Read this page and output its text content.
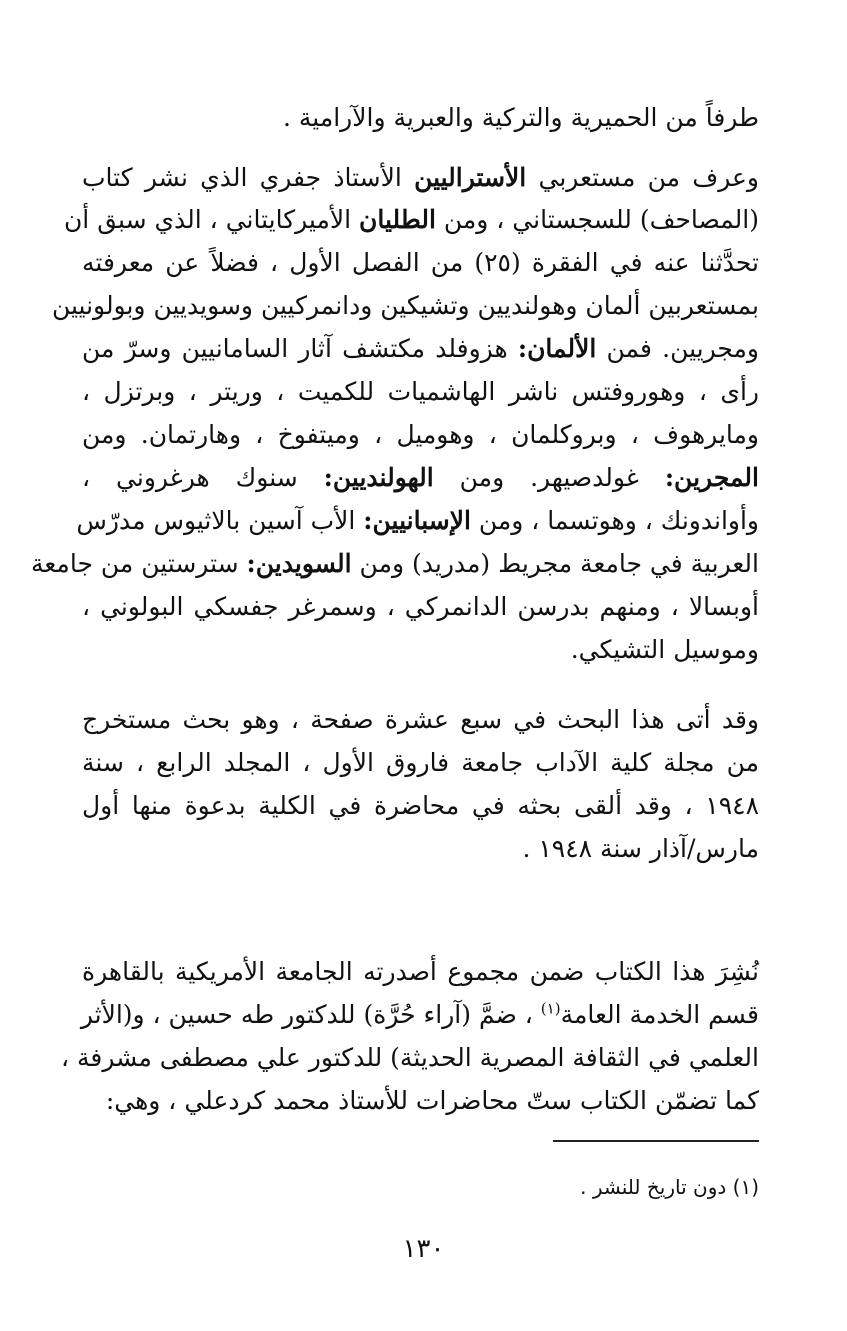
طرفاً من الحميرية والتركية والعبرية والآرامية .
وعرف من مستعربي الأستراليين الأستاذ جفري الذي نشر كتاب
(المصاحف) للسجستاني ، ومن الطليان الأميركايتاني ، الذي سبق أن
تحدَّثنا عنه في الفقرة (٢٥) من الفصل الأول ، فضلاً عن معرفته
بمستعربين ألمان وهولنديين وتشيكين ودانمركيين وسويديين وبولونيين
ومجريين. فمن الألمان: هزوفلد مكتشف آثار السامانيين وسرّ من
رأى ، وهوروفتس ناشر الهاشميات للكميت ، وريتر ، وبرتزل ،
ومايرهوف ، وبروكلمان ، وهوميل ، وميتفوخ ، وهارتمان. ومن
المجرين: غولدصيهر. ومن الهولنديين: سنوك هرغروني ،
وأواندونك ، وهوتسما ، ومن الإسبانيين: الأب آسين بالاثيوس مدرّس
العربية في جامعة مجريط (مدريد) ومن السويدين: سترستين من جامعة
أوبسالا ، ومنهم بدرسن الدانمركي ، وسمرغر جفسكي البولوني ،
وموسيل التشيكي.
وقد أتى هذا البحث في سبع عشرة صفحة ، وهو بحث مستخرج
من مجلة كلية الآداب جامعة فاروق الأول ، المجلد الرابع ، سنة
١٩٤٨ ، وقد ألقى بحثه في محاضرة في الكلية بدعوة منها أول
مارس/آذار سنة ١٩٤٨ .
نُشِرَ هذا الكتاب ضمن مجموع أصدرته الجامعة الأمريكية بالقاهرة
قسم الخدمة العامة$^{(١)}$ ، ضمَّ (آراء حُرَّة) للدكتور طه حسين ، و(الأثر
العلمي في الثقافة المصرية الحديثة) للدكتور علي مصطفى مشرفة ،
كما تضمّن الكتاب ستّ محاضرات للأستاذ محمد كردعلي ، وهي:
(١) دون تاريخ للنشر .
١٣٠
